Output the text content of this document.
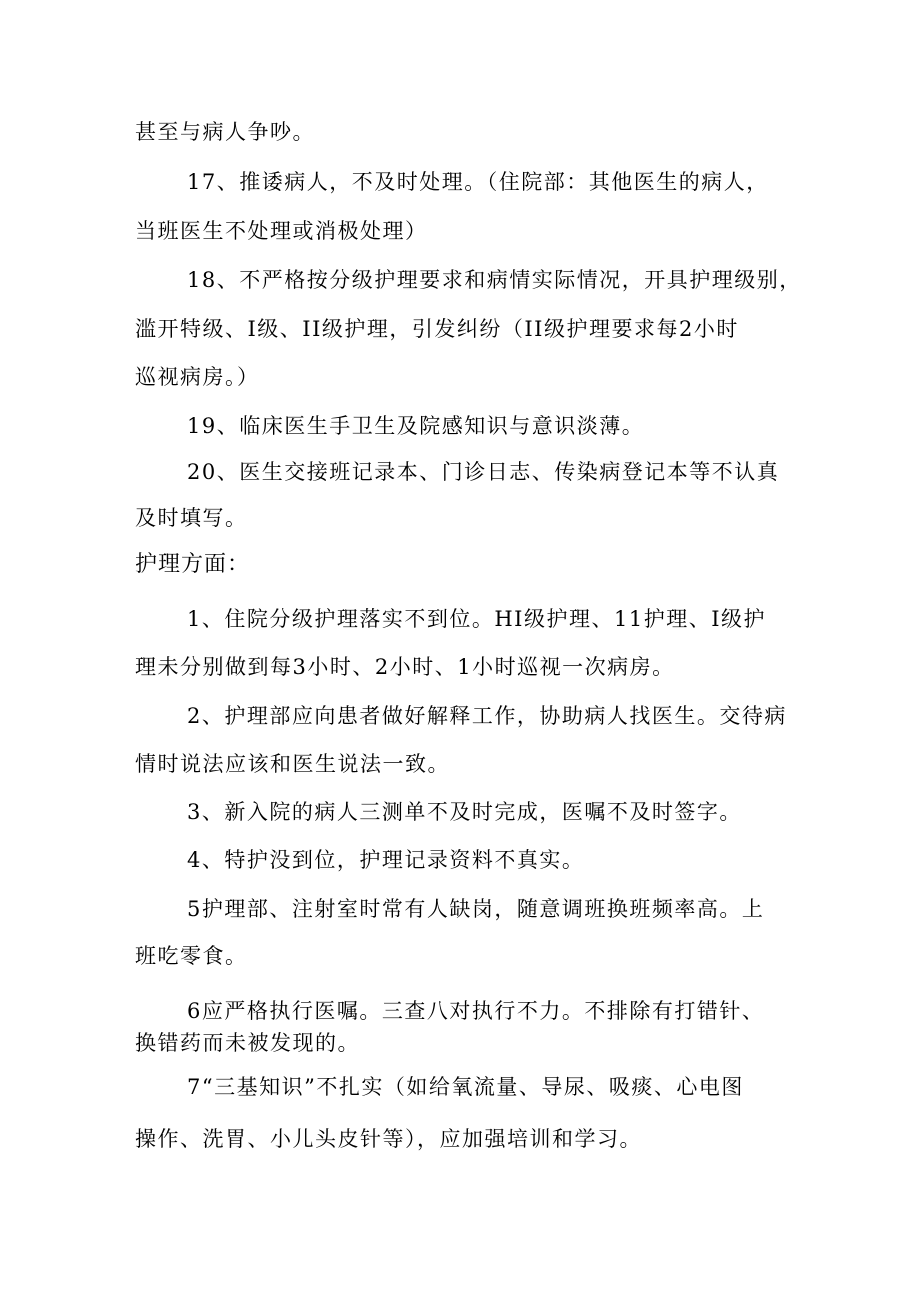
甚至与病人争吵。
17、推诿病人，不及时处理。（住院部：其他医生的病人，
当班医生不处理或消极处理）
18、不严格按分级护理要求和病情实际情况，开具护理级别，
滥开特级、I级、II级护理，引发纠纷（II级护理要求每2小时
巡视病房。）
19、临床医生手卫生及院感知识与意识淡薄。
20、医生交接班记录本、门诊日志、传染病登记本等不认真
及时填写。
护理方面：
1、住院分级护理落实不到位。HI级护理、11护理、I级护
理未分别做到每3小时、2小时、1小时巡视一次病房。
2、护理部应向患者做好解释工作，协助病人找医生。交待病
情时说法应该和医生说法一致。
3、新入院的病人三测单不及时完成，医嘱不及时签字。
4、特护没到位，护理记录资料不真实。
5护理部、注射室时常有人缺岗，随意调班换班频率高。上
班吃零食。
6应严格执行医嘱。三查八对执行不力。不排除有打错针、
换错药而未被发现的。
7“三基知识”不扎实（如给氧流量、导尿、吸痰、心电图
操作、洗胃、小儿头皮针等），应加强培训和学习。
